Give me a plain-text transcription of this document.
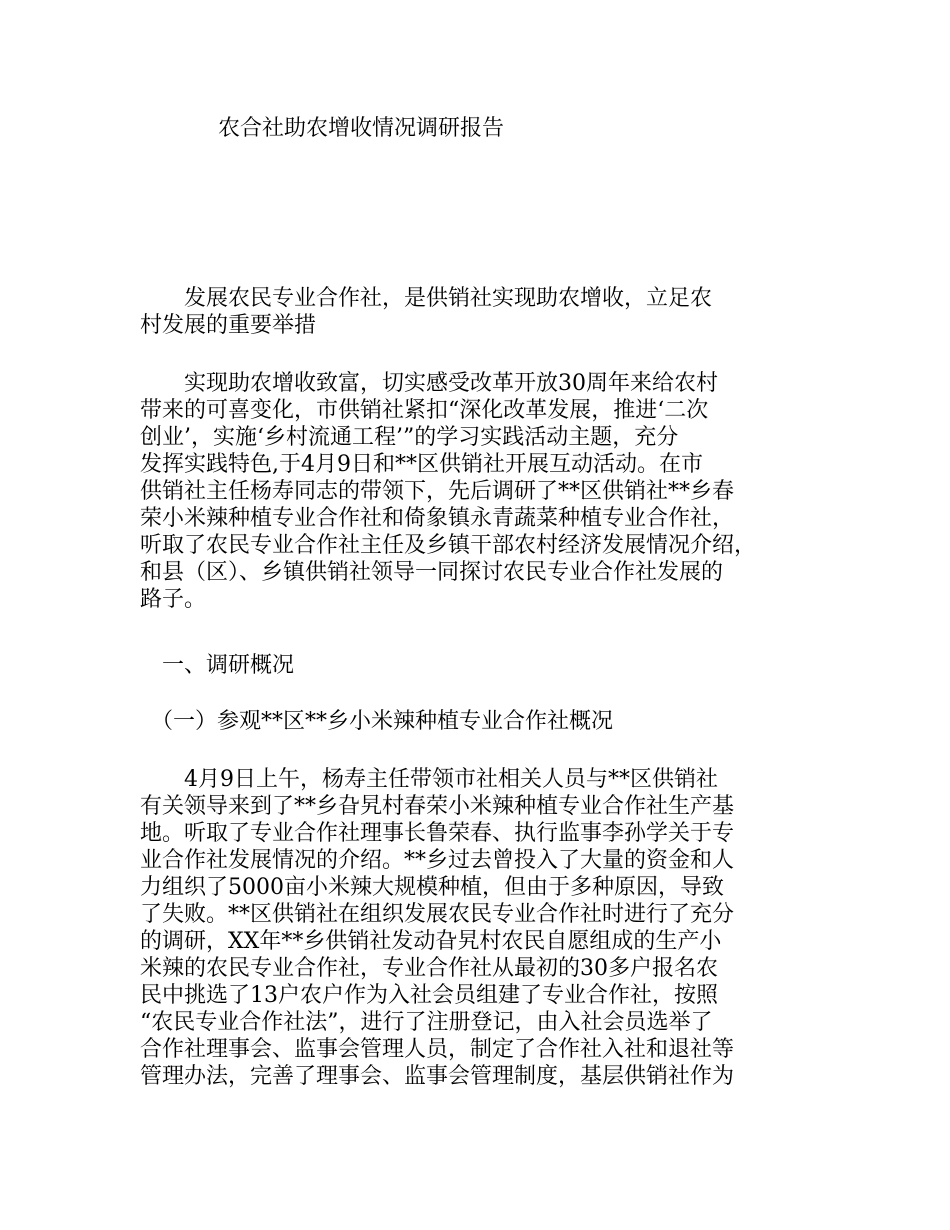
农合社助农增收情况调研报告

　　发展农民专业合作社，是供销社实现助农增收，立足农
村发展的重要举措

　　实现助农增收致富，切实感受改革开放30周年来给农村
带来的可喜变化，市供销社紧扣“深化改革发展，推进‘二次
创业’，实施‘乡村流通工程’”的学习实践活动主题，充分
发挥实践特色,于4月9日和**区供销社开展互动活动。在市
供销社主任杨寿同志的带领下，先后调研了**区供销社**乡春
荣小米辣种植专业合作社和倚象镇永青蔬菜种植专业合作社，
听取了农民专业合作社主任及乡镇干部农村经济发展情况介绍，
和县（区）、乡镇供销社领导一同探讨农民专业合作社发展的
路子。

　一、调研概况

　（一）参观**区**乡小米辣种植专业合作社概况

　　4月9日上午，杨寿主任带领市社相关人员与**区供销社
有关领导来到了**乡旮旯村春荣小米辣种植专业合作社生产基
地。听取了专业合作社理事长鲁荣春、执行监事李孙学关于专
业合作社发展情况的介绍。**乡过去曾投入了大量的资金和人
力组织了5000亩小米辣大规模种植，但由于多种原因，导致
了失败。**区供销社在组织发展农民专业合作社时进行了充分
的调研，XX年**乡供销社发动旮旯村农民自愿组成的生产小
米辣的农民专业合作社，专业合作社从最初的30多户报名农
民中挑选了13户农户作为入社会员组建了专业合作社，按照
“农民专业合作社法”，进行了注册登记，由入社会员选举了
合作社理事会、监事会管理人员，制定了合作社入社和退社等
管理办法，完善了理事会、监事会管理制度，基层供销社作为
